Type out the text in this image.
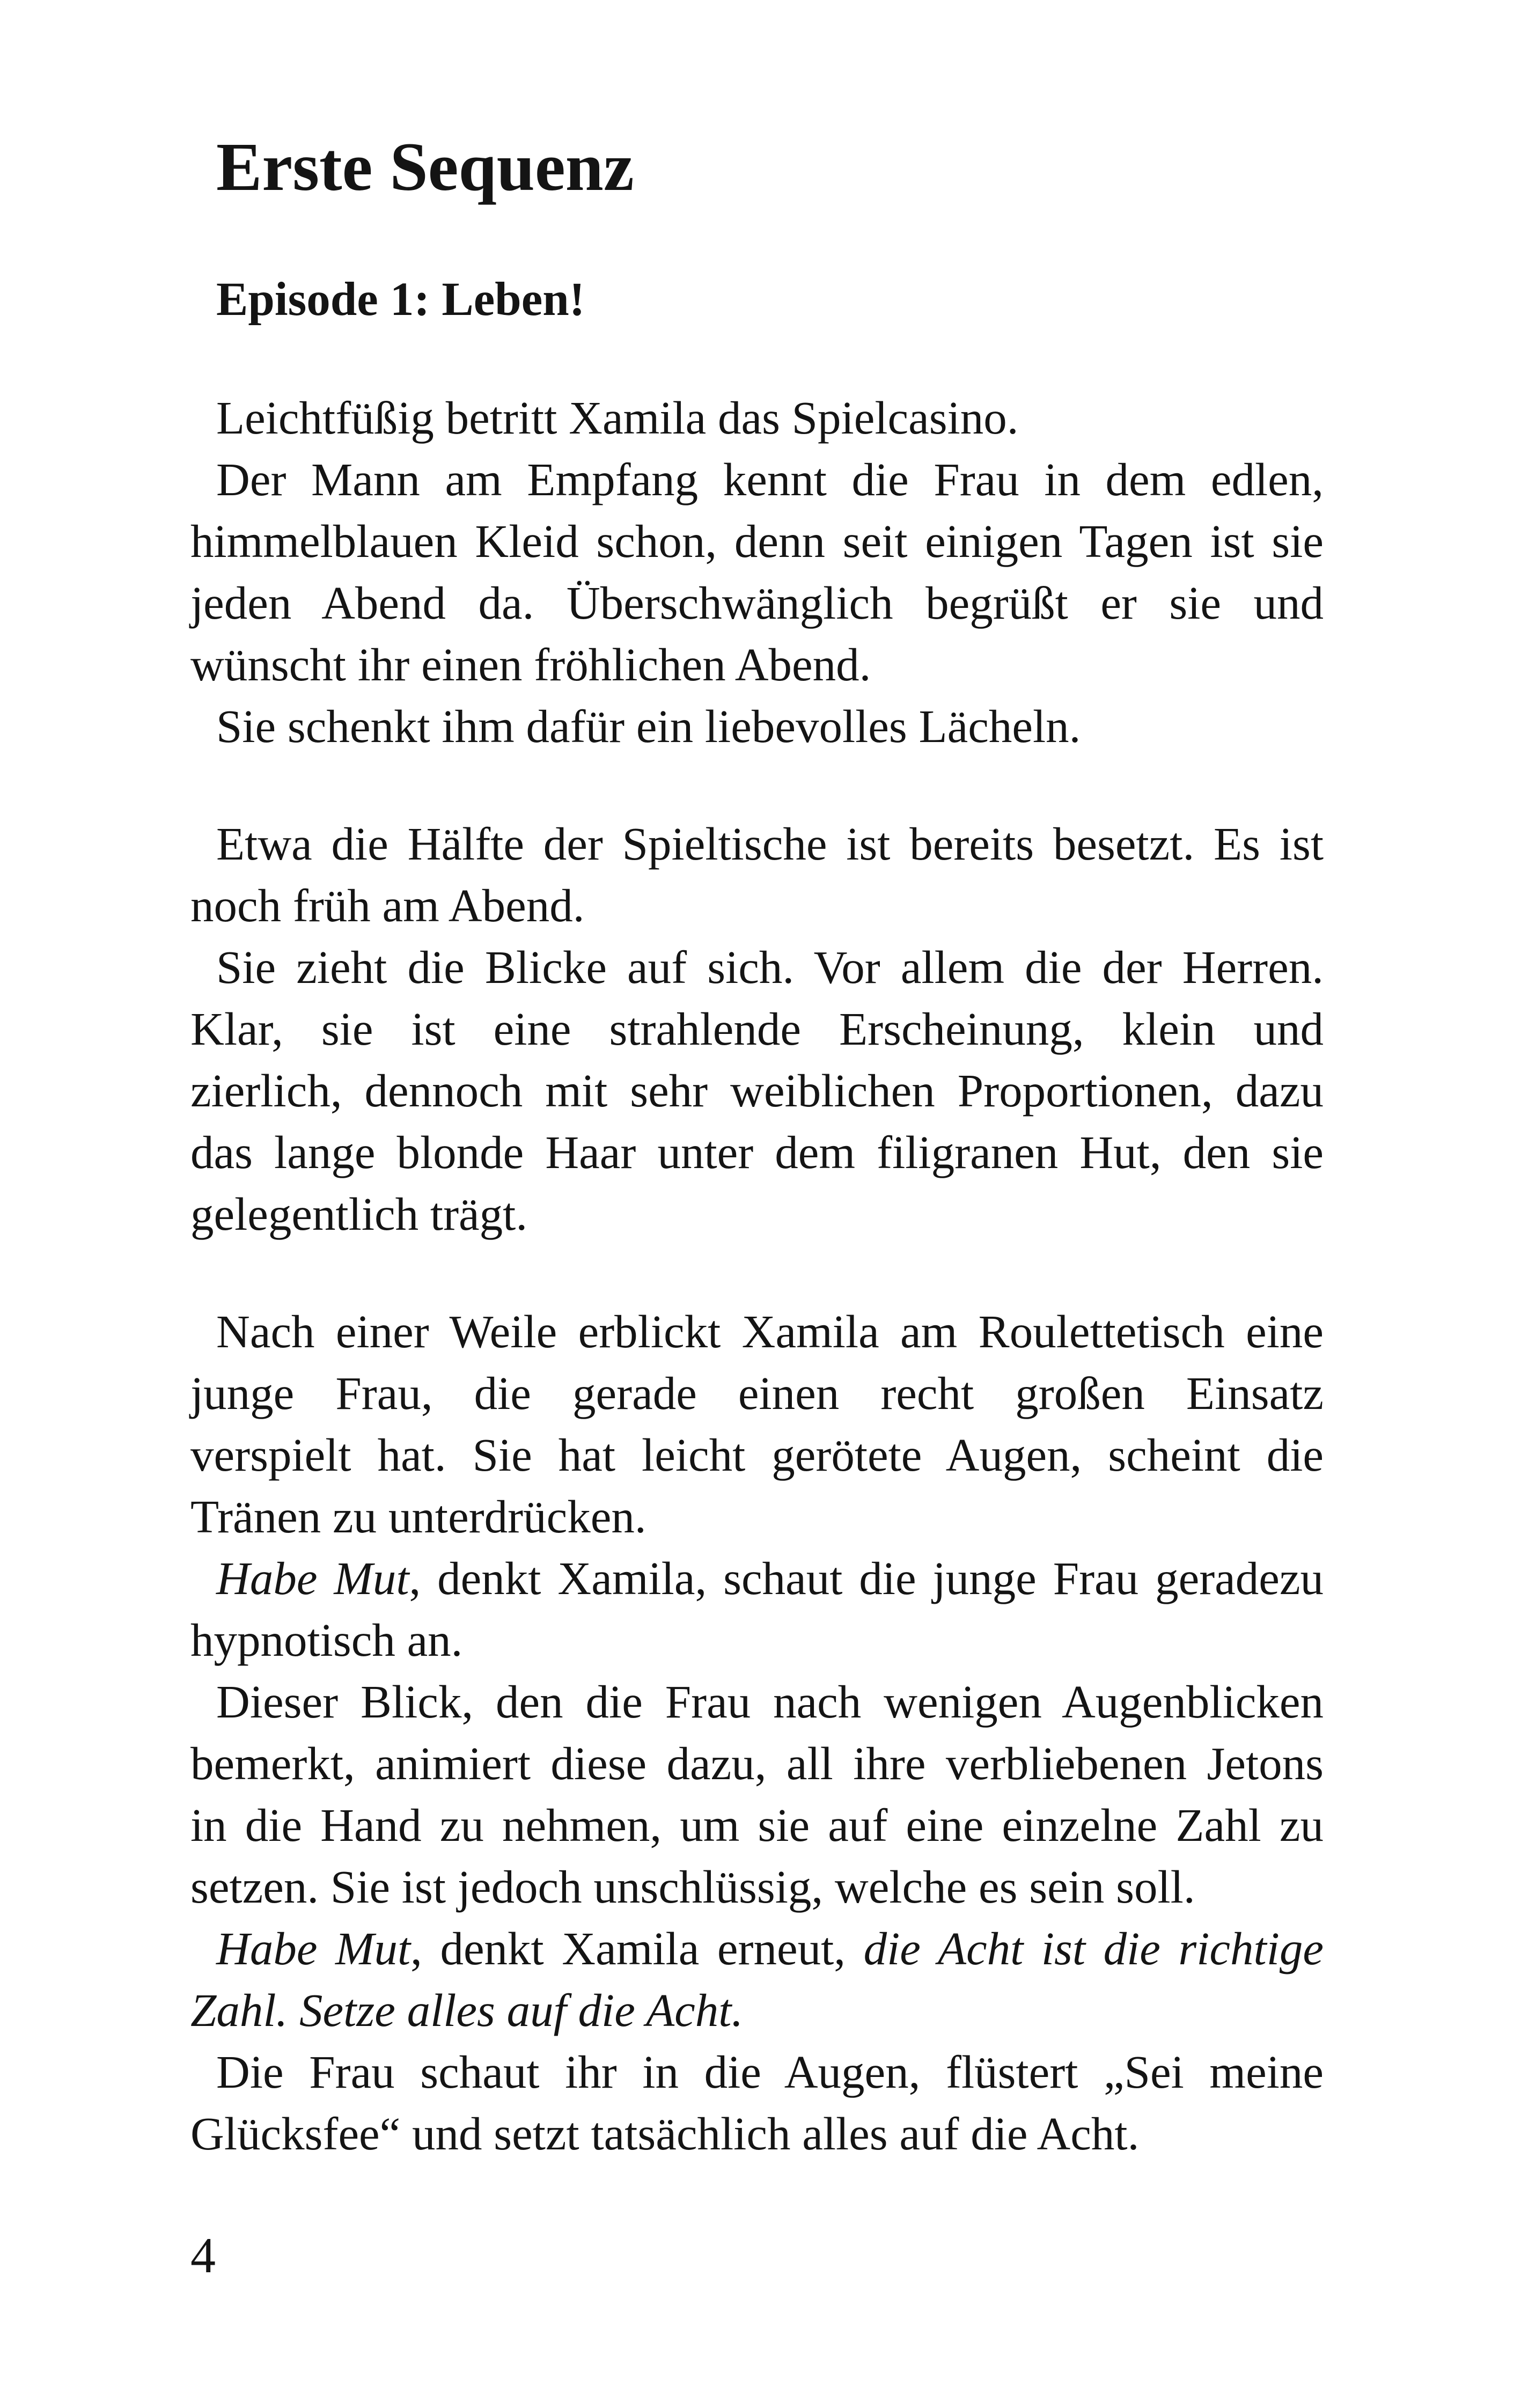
Erste Sequenz
Episode 1: Leben!
Leichtfüßig betritt Xamila das Spielcasino.
Der Mann am Empfang kennt die Frau in dem edlen,
himmelblauen Kleid schon, denn seit einigen Tagen ist sie
jeden Abend da. Überschwänglich begrüßt er sie und
wünscht ihr einen fröhlichen Abend.
Sie schenkt ihm dafür ein liebevolles Lächeln.
Etwa die Hälfte der Spieltische ist bereits besetzt. Es ist
noch früh am Abend.
Sie zieht die Blicke auf sich. Vor allem die der Herren.
Klar, sie ist eine strahlende Erscheinung, klein und
zierlich, dennoch mit sehr weiblichen Proportionen, dazu
das lange blonde Haar unter dem filigranen Hut, den sie
gelegentlich trägt.
Nach einer Weile erblickt Xamila am Roulettetisch eine
junge Frau, die gerade einen recht großen Einsatz
verspielt hat. Sie hat leicht gerötete Augen, scheint die
Tränen zu unterdrücken.
Habe Mut, denkt Xamila, schaut die junge Frau geradezu
hypnotisch an.
Dieser Blick, den die Frau nach wenigen Augenblicken
bemerkt, animiert diese dazu, all ihre verbliebenen Jetons
in die Hand zu nehmen, um sie auf eine einzelne Zahl zu
setzen. Sie ist jedoch unschlüssig, welche es sein soll.
Habe Mut, denkt Xamila erneut, die Acht ist die richtige
Zahl. Setze alles auf die Acht.
Die Frau schaut ihr in die Augen, flüstert „Sei meine
Glücksfee“ und setzt tatsächlich alles auf die Acht.
4
